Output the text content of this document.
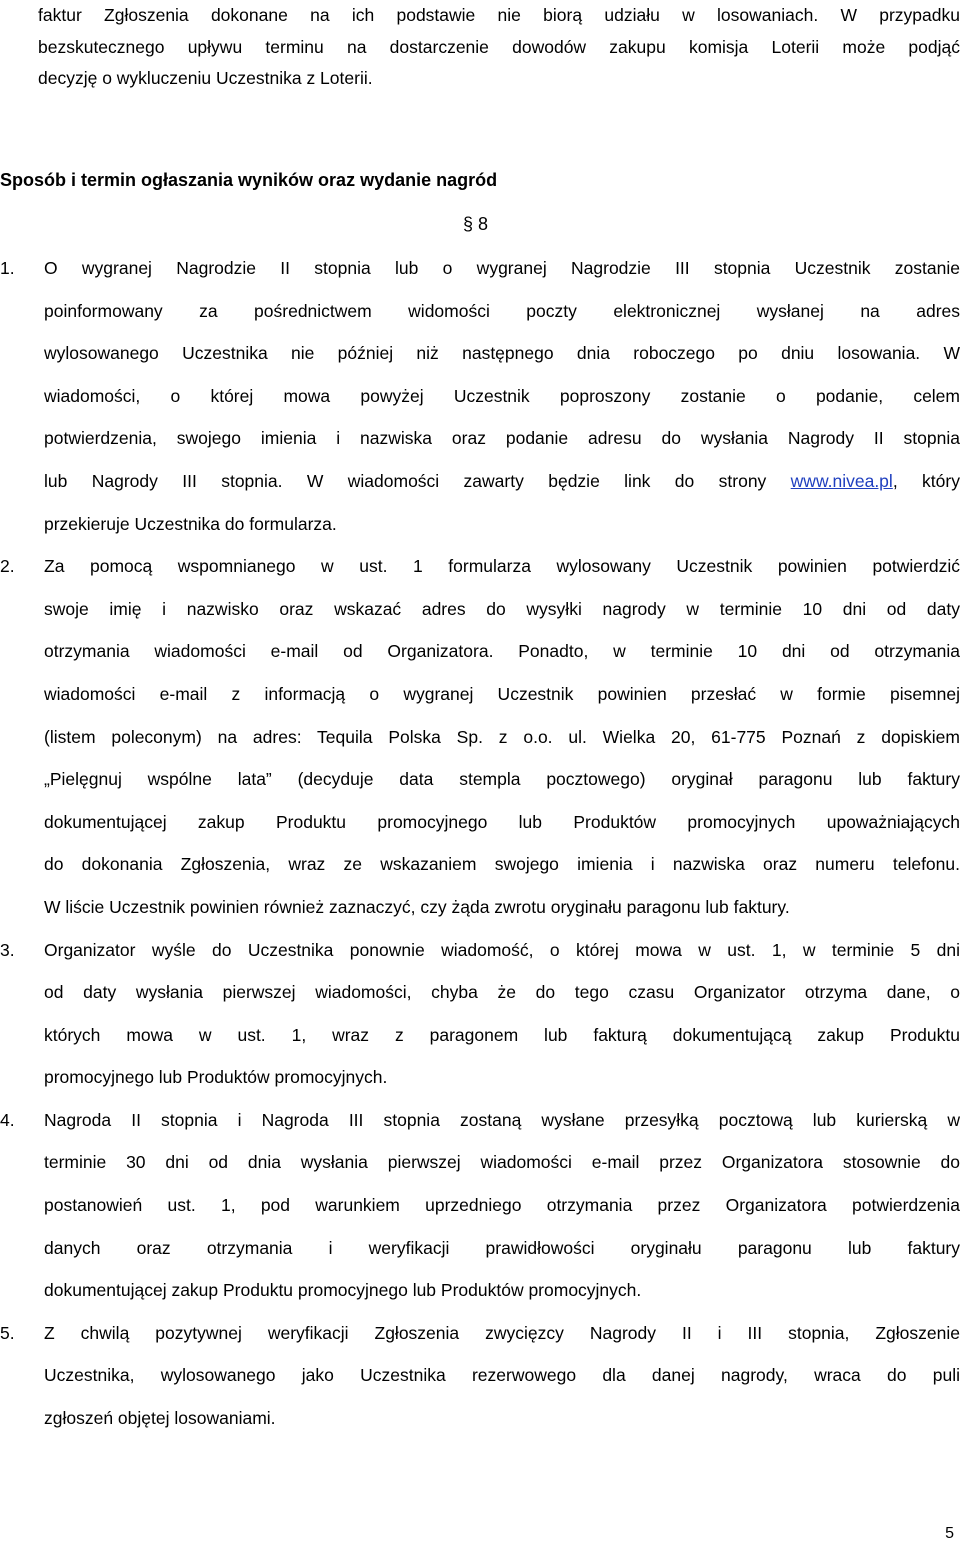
faktur Zgłoszenia dokonane na ich podstawie nie biorą udziału w losowaniach. W przypadku
bezskutecznego upływu terminu na dostarczenie dowodów zakupu komisja Loterii może podjąć
decyzję o wykluczeniu Uczestnika z Loterii.
Sposób i termin ogłaszania wyników oraz wydanie nagród
§ 8
1. O wygranej Nagrodzie II stopnia lub o wygranej Nagrodzie III stopnia Uczestnik zostanie
poinformowany za pośrednictwem widomości poczty elektronicznej wysłanej na adres
wylosowanego Uczestnika nie później niż następnego dnia roboczego po dniu losowania. W
wiadomości, o której mowa powyżej Uczestnik poproszony zostanie o podanie, celem
potwierdzenia, swojego imienia i nazwiska oraz podanie adresu do wysłania Nagrody II stopnia
lub Nagrody III stopnia. W wiadomości zawarty będzie link do strony www.nivea.pl, który
przekieruje Uczestnika do formularza.
2. Za pomocą wspomnianego w ust. 1 formularza wylosowany Uczestnik powinien potwierdzić
swoje imię i nazwisko oraz wskazać adres do wysyłki nagrody w terminie 10 dni od daty
otrzymania wiadomości e-mail od Organizatora. Ponadto, w terminie 10 dni od otrzymania
wiadomości e-mail z informacją o wygranej Uczestnik powinien przesłać w formie pisemnej
(listem poleconym) na adres: Tequila Polska Sp. z o.o. ul. Wielka 20, 61-775 Poznań z dopiskiem
„Pielęgnuj wspólne lata” (decyduje data stempla pocztowego) oryginał paragonu lub faktury
dokumentującej zakup Produktu promocyjnego lub Produktów promocyjnych upoważniających
do dokonania Zgłoszenia, wraz ze wskazaniem swojego imienia i nazwiska oraz numeru telefonu.
W liście Uczestnik powinien również zaznaczyć, czy żąda zwrotu oryginału paragonu lub faktury.
3. Organizator wyśle do Uczestnika ponownie wiadomość, o której mowa w ust. 1, w terminie 5 dni
od daty wysłania pierwszej wiadomości, chyba że do tego czasu Organizator otrzyma dane, o
których mowa w ust. 1, wraz z paragonem lub fakturą dokumentującą zakup Produktu
promocyjnego lub Produktów promocyjnych.
4. Nagroda II stopnia i Nagroda III stopnia zostaną wysłane przesyłką pocztową lub kurierską w
terminie 30 dni od dnia wysłania pierwszej wiadomości e-mail przez Organizatora stosownie do
postanowień ust. 1, pod warunkiem uprzedniego otrzymania przez Organizatora potwierdzenia
danych oraz otrzymania i weryfikacji prawidłowości oryginału paragonu lub faktury
dokumentującej zakup Produktu promocyjnego lub Produktów promocyjnych.
5. Z chwilą pozytywnej weryfikacji Zgłoszenia zwycięzcy Nagrody II i III stopnia, Zgłoszenie
Uczestnika, wylosowanego jako Uczestnika rezerwowego dla danej nagrody, wraca do puli
zgłoszeń objętej losowaniami.
5
